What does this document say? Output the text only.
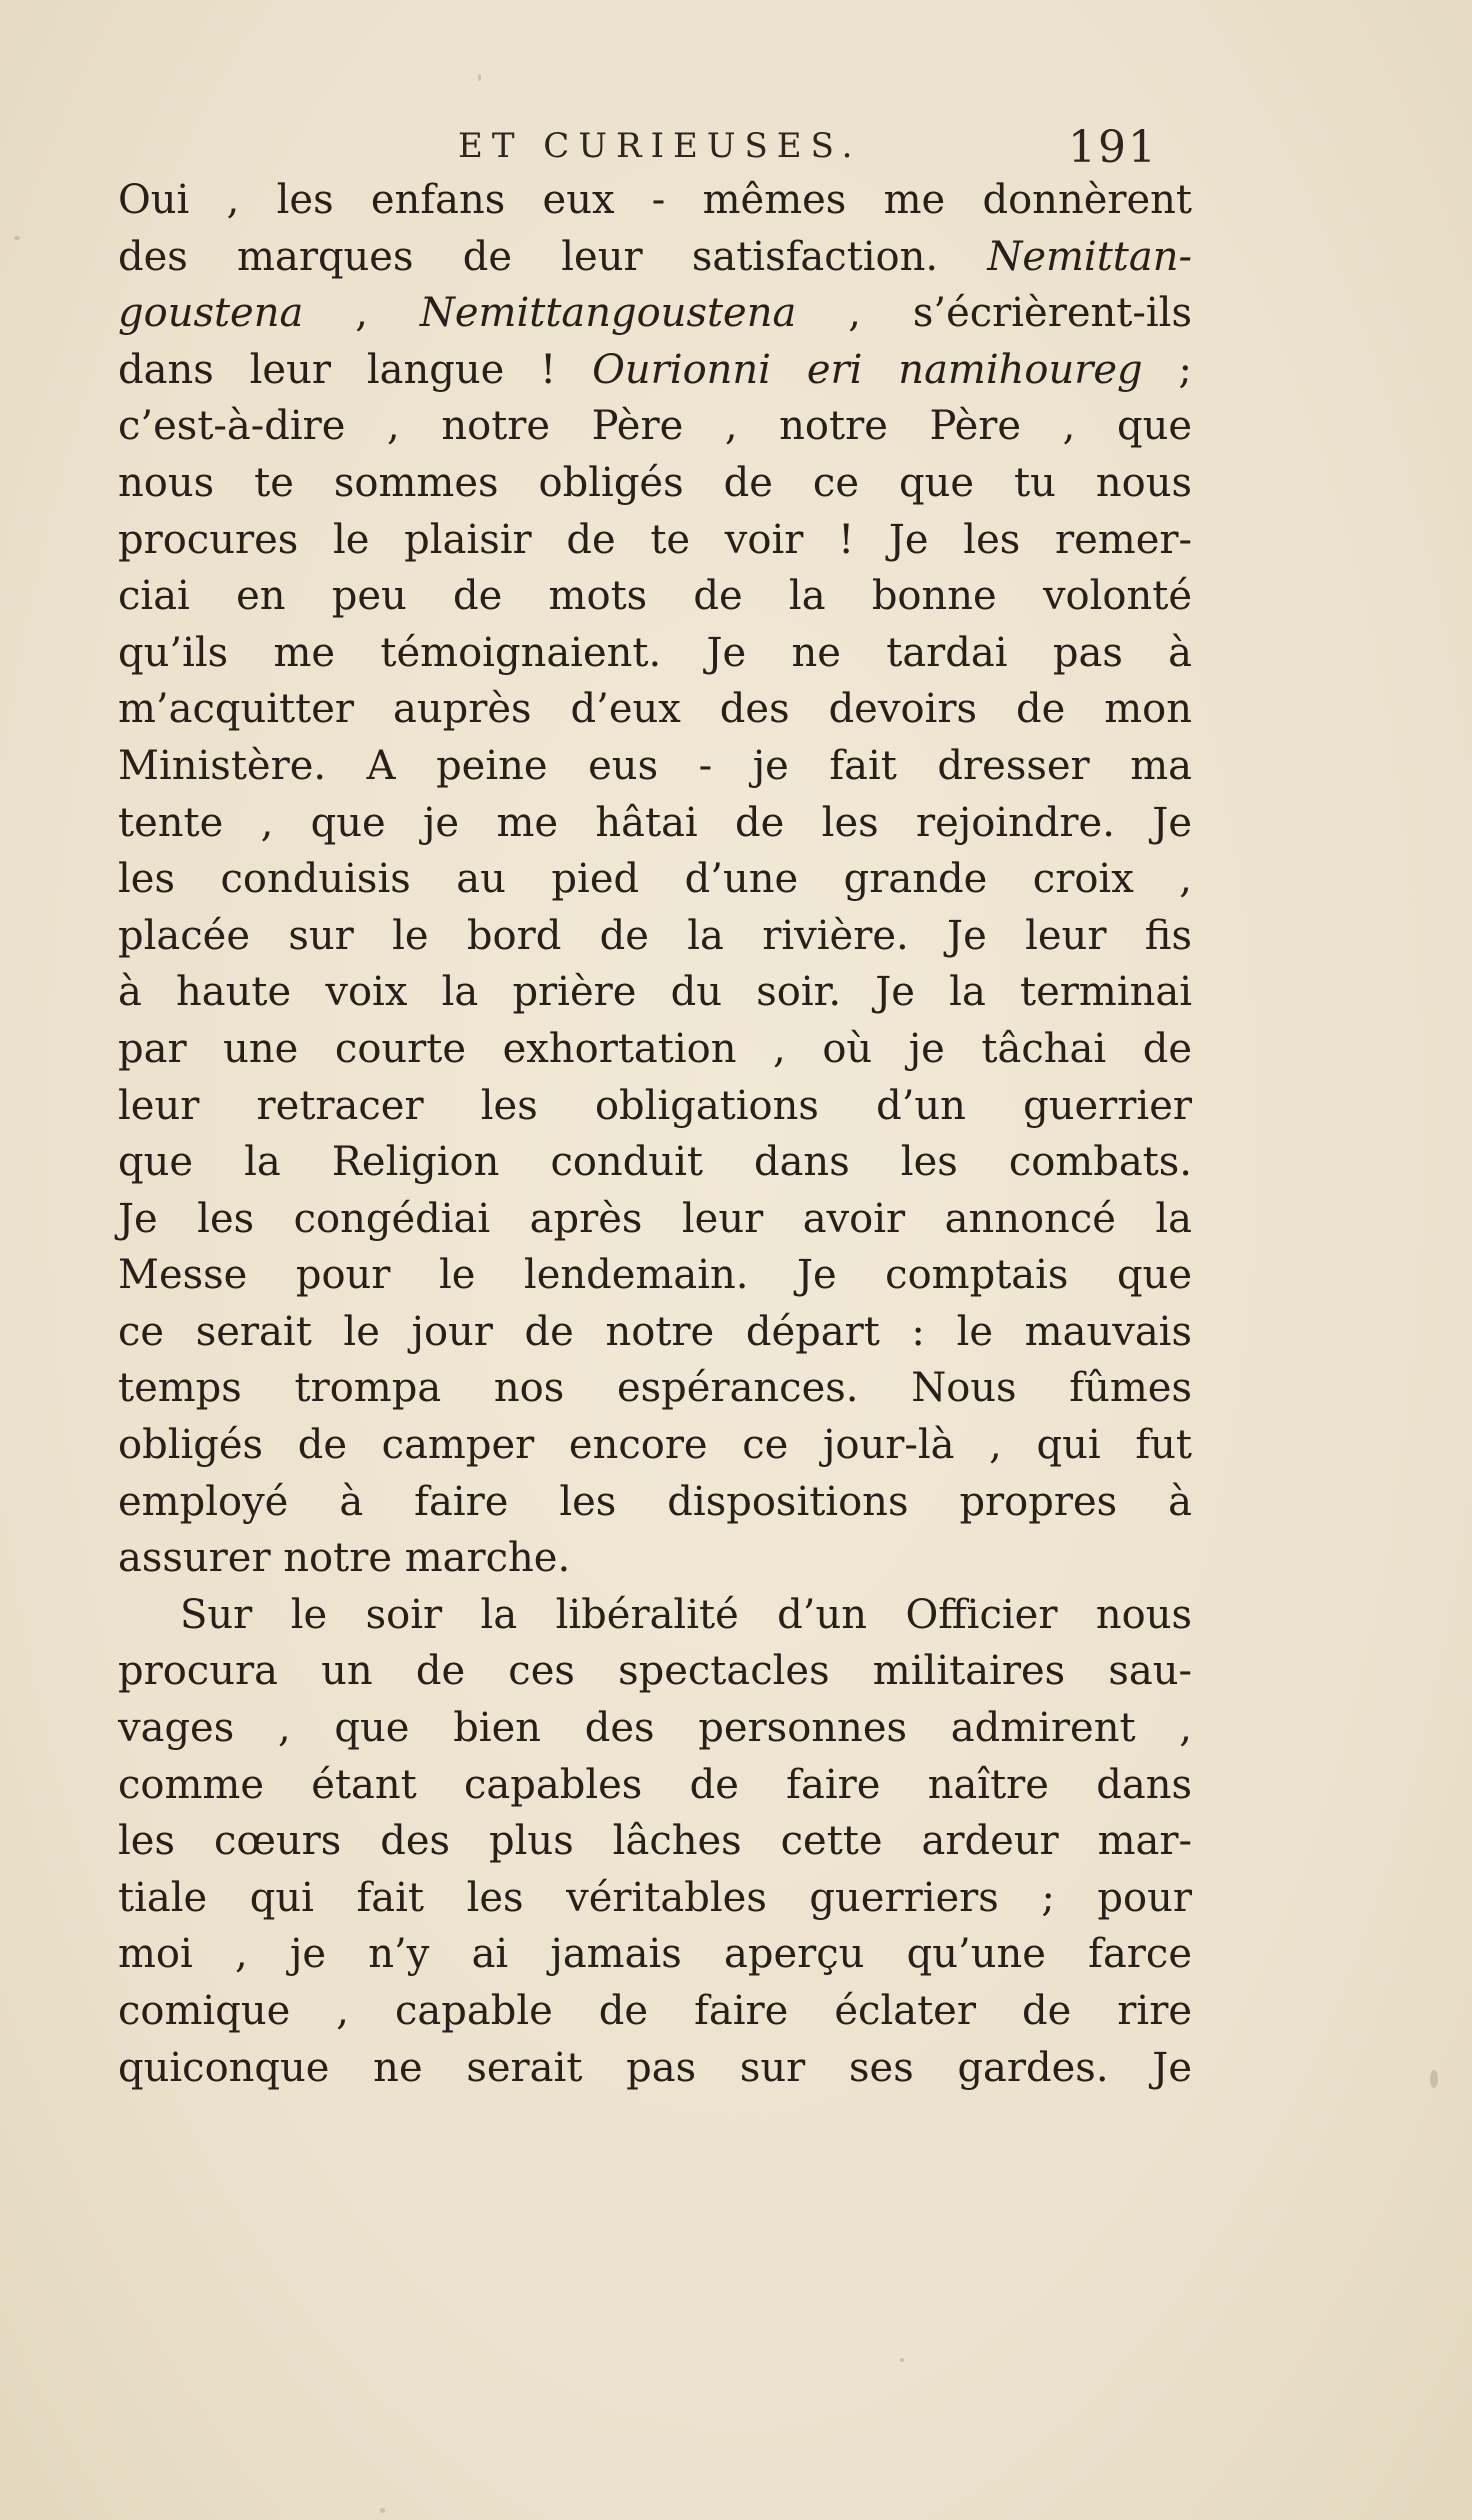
ET CURIEUSES.	191
Oui , les enfans eux - mêmes me donnèrent
des marques de leur satisfaction. Nemittan-
goustena , Nemittangoustena , s’écrièrent-ils
dans leur langue ! Ourionni eri namihoureg ;
c’est-à-dire , notre Père , notre Père , que
nous te sommes obligés de ce que tu nous
procures le plaisir de te voir ! Je les remer-
ciai en peu de mots de la bonne volonté
qu’ils me témoignaient. Je ne tardai pas à
m’acquitter auprès d’eux des devoirs de mon
Ministère. A peine eus - je fait dresser ma
tente , que je me hâtai de les rejoindre. Je
les conduisis au pied d’une grande croix ,
placée sur le bord de la rivière. Je leur fis
à haute voix la prière du soir. Je la terminai
par une courte exhortation , où je tâchai de
leur retracer les obligations d’un guerrier
que la Religion conduit dans les combats.
Je les congédiai après leur avoir annoncé la
Messe pour le lendemain. Je comptais que
ce serait le jour de notre départ : le mauvais
temps trompa nos espérances. Nous fûmes
obligés de camper encore ce jour-là , qui fut
employé à faire les dispositions propres à
assurer notre marche.
Sur le soir la libéralité d’un Officier nous
procura un de ces spectacles militaires sau-
vages , que bien des personnes admirent ,
comme étant capables de faire naître dans
les cœurs des plus lâches cette ardeur mar-
tiale qui fait les véritables guerriers ; pour
moi , je n’y ai jamais aperçu qu’une farce
comique , capable de faire éclater de rire
quiconque ne serait pas sur ses gardes. Je
